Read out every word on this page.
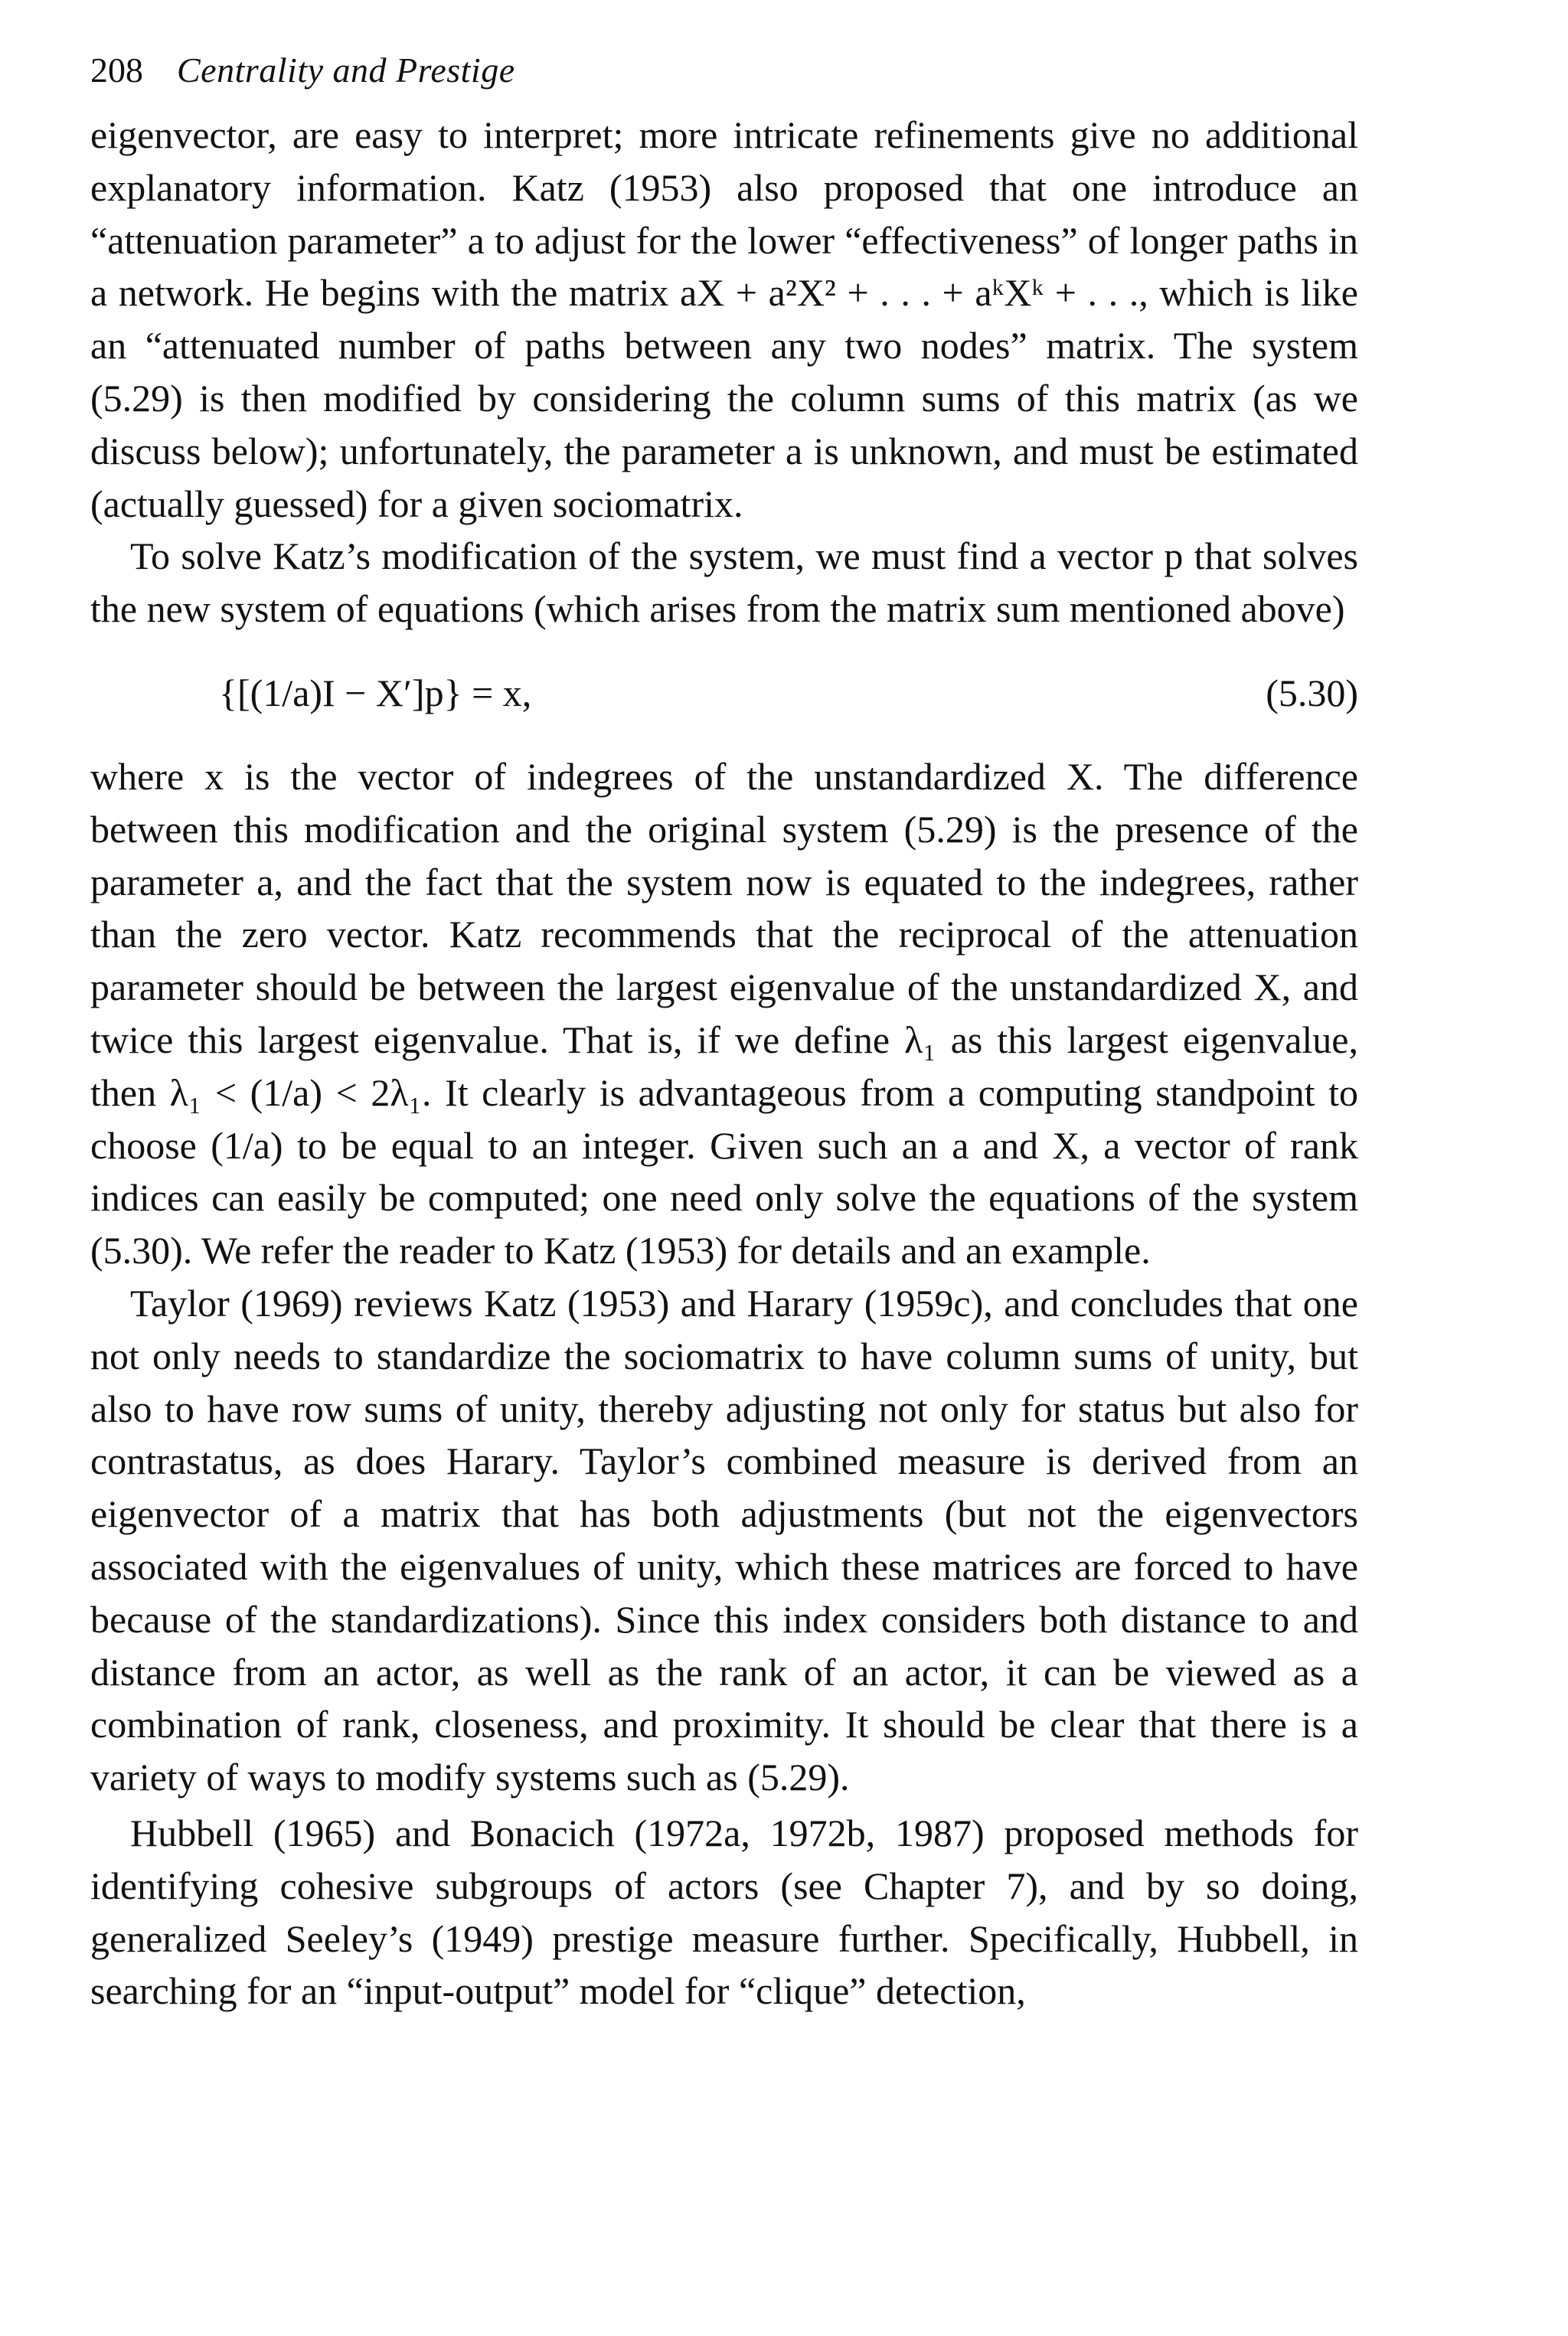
208 Centrality and Prestige

eigenvector, are easy to interpret; more intricate refinements give no additional explanatory information. Katz (1953) also proposed that one introduce an “attenuation parameter” a to adjust for the lower “effectiveness” of longer paths in a network. He begins with the matrix aX + a²X² + . . . + aᵏXᵏ + . . ., which is like an “attenuated number of paths between any two nodes” matrix. The system (5.29) is then modified by considering the column sums of this matrix (as we discuss below); unfortunately, the parameter a is unknown, and must be estimated (actually guessed) for a given sociomatrix.

To solve Katz’s modification of the system, we must find a vector p that solves the new system of equations (which arises from the matrix sum mentioned above)

{[(1/a)I − X′]p} = x,	(5.30)

where x is the vector of indegrees of the unstandardized X. The difference between this modification and the original system (5.29) is the presence of the parameter a, and the fact that the system now is equated to the indegrees, rather than the zero vector. Katz recommends that the reciprocal of the attenuation parameter should be between the largest eigenvalue of the unstandardized X, and twice this largest eigenvalue. That is, if we define λ₁ as this largest eigenvalue, then λ₁ < (1/a) < 2λ₁. It clearly is advantageous from a computing standpoint to choose (1/a) to be equal to an integer. Given such an a and X, a vector of rank indices can easily be computed; one need only solve the equations of the system (5.30). We refer the reader to Katz (1953) for details and an example.

Taylor (1969) reviews Katz (1953) and Harary (1959c), and concludes that one not only needs to standardize the sociomatrix to have column sums of unity, but also to have row sums of unity, thereby adjusting not only for status but also for contrastatus, as does Harary. Taylor’s combined measure is derived from an eigenvector of a matrix that has both adjustments (but not the eigenvectors associated with the eigenvalues of unity, which these matrices are forced to have because of the standardizations). Since this index considers both distance to and distance from an actor, as well as the rank of an actor, it can be viewed as a combination of rank, closeness, and proximity. It should be clear that there is a variety of ways to modify systems such as (5.29).

Hubbell (1965) and Bonacich (1972a, 1972b, 1987) proposed methods for identifying cohesive subgroups of actors (see Chapter 7), and by so doing, generalized Seeley’s (1949) prestige measure further. Specifically, Hubbell, in searching for an “input-output” model for “clique” detection,
